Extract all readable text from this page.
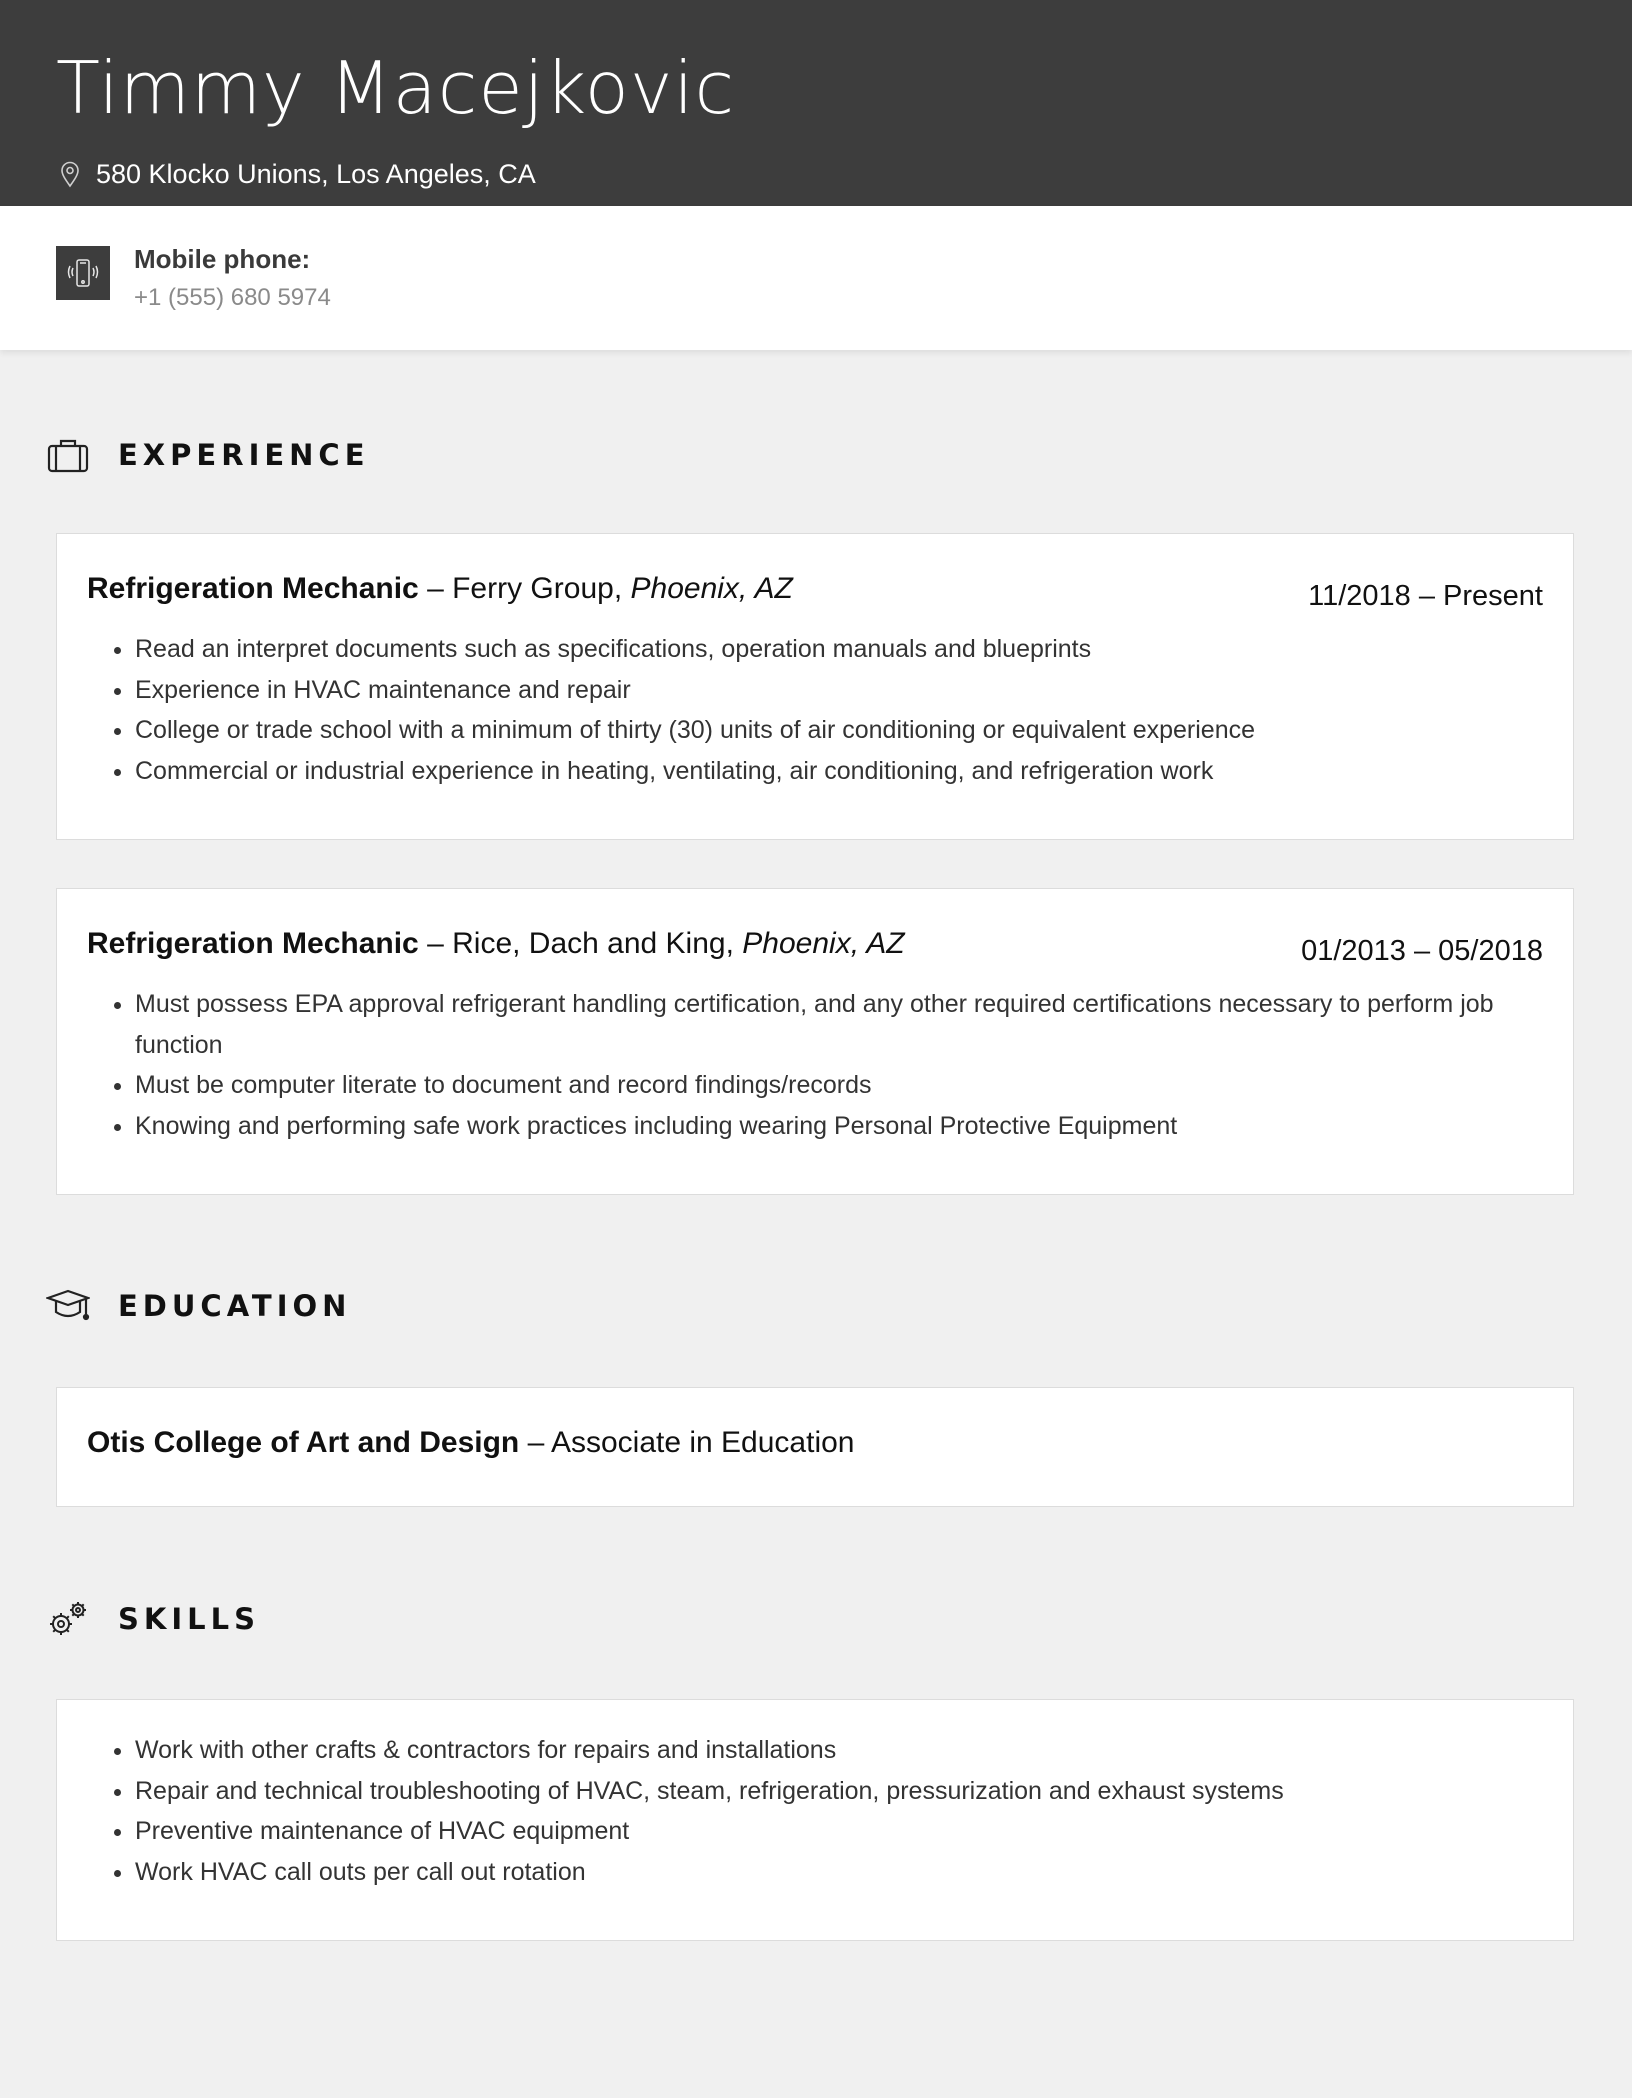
Timmy Macejkovic
580 Klocko Unions, Los Angeles, CA
Mobile phone:
+1 (555) 680 5974
EXPERIENCE
Refrigeration Mechanic – Ferry Group, Phoenix, AZ	11/2018 – Present
• Read an interpret documents such as specifications, operation manuals and blueprints
• Experience in HVAC maintenance and repair
• College or trade school with a minimum of thirty (30) units of air conditioning or equivalent experience
• Commercial or industrial experience in heating, ventilating, air conditioning, and refrigeration work
Refrigeration Mechanic – Rice, Dach and King, Phoenix, AZ	01/2013 – 05/2018
• Must possess EPA approval refrigerant handling certification, and any other required certifications necessary to perform job function
• Must be computer literate to document and record findings/records
• Knowing and performing safe work practices including wearing Personal Protective Equipment
EDUCATION
Otis College of Art and Design – Associate in Education
SKILLS
• Work with other crafts & contractors for repairs and installations
• Repair and technical troubleshooting of HVAC, steam, refrigeration, pressurization and exhaust systems
• Preventive maintenance of HVAC equipment
• Work HVAC call outs per call out rotation
